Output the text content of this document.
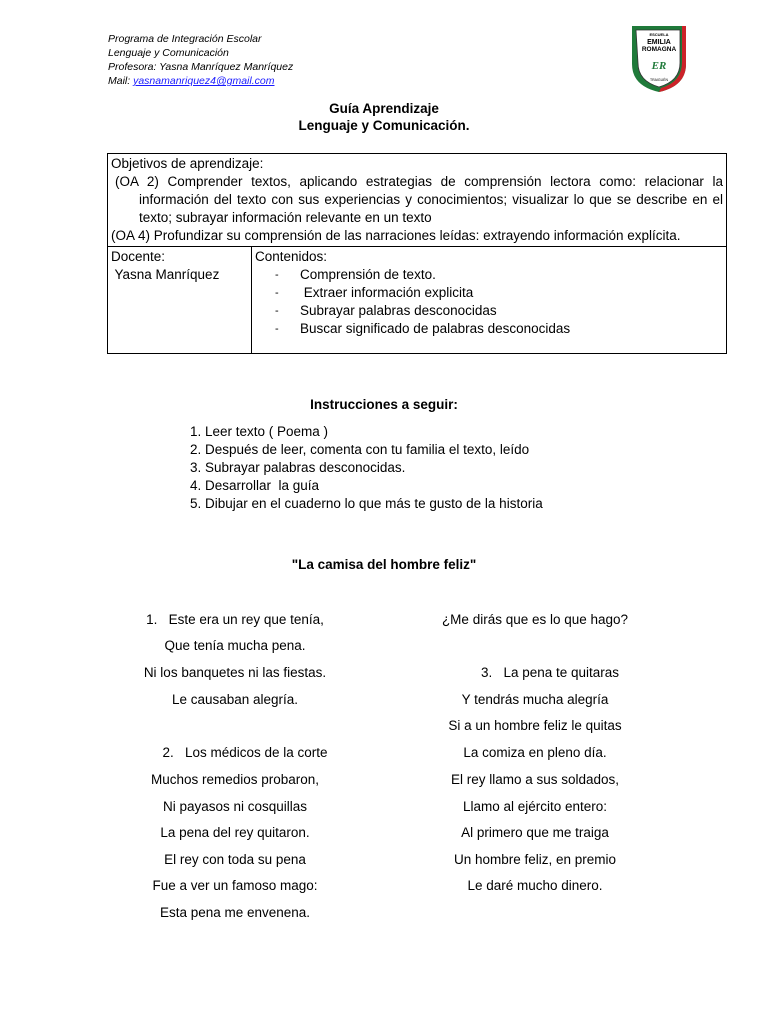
Programa de Integración Escolar
Lenguaje y Comunicación
Profesora: Yasna Manríquez Manríquez
Mail: yasnamanriquez4@gmail.com
ESCUELA
EMILIA
ROMAGNA
ER
TRAIGUÉN
Guía Aprendizaje
Lenguaje y Comunicación.
Objetivos de aprendizaje:
(OA 2) Comprender textos, aplicando estrategias de comprensión lectora como: relacionar la información del texto con sus experiencias y conocimientos; visualizar lo que se describe en el texto; subrayar información relevante en un texto
(OA 4) Profundizar su comprensión de las narraciones leídas: extrayendo información explícita.

Docente:
Yasna Manríquez

Contenidos:
- Comprensión de texto.
-  Extraer información explicita
- Subrayar palabras desconocidas
- Buscar significado de palabras desconocidas
Instrucciones a seguir:
1. Leer texto ( Poema )
2. Después de leer, comenta con tu familia el texto, leído
3. Subrayar palabras desconocidas.
4. Desarrollar  la guía
5. Dibujar en el cuaderno lo que más te gusto de la historia
"La camisa del hombre feliz"
1.   Este era un rey que tenía,
Que tenía mucha pena.
Ni los banquetes ni las fiestas.
Le causaban alegría.
2.   Los médicos de la corte
Muchos remedios probaron,
Ni payasos ni cosquillas
La pena del rey quitaron.
El rey con toda su pena
Fue a ver un famoso mago:
Esta pena me envenena.
¿Me dirás que es lo que hago?
3.   La pena te quitaras
Y tendrás mucha alegría
Si a un hombre feliz le quitas
La comiza en pleno día.
El rey llamo a sus soldados,
Llamo al ejército entero:
Al primero que me traiga
Un hombre feliz, en premio
Le daré mucho dinero.
